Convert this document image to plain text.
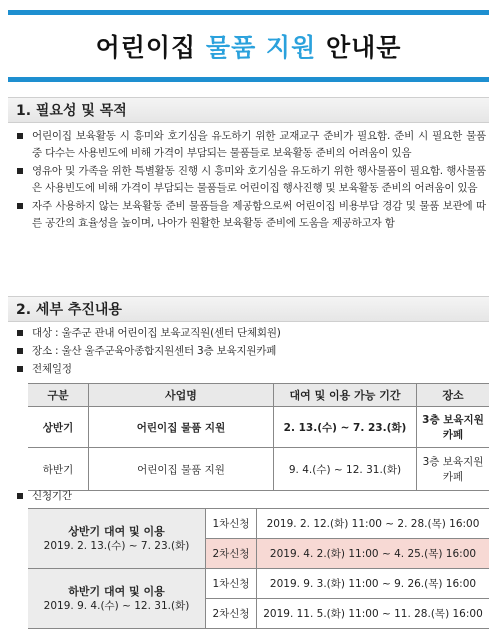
어린이집 물품 지원 안내문
1. 필요성 및 목적
어린이집 보육활동 시 흥미와 호기심을 유도하기 위한 교재교구 준비가 필요함. 준비 시 필요한 물품 중 다수는 사용빈도에 비해 가격이 부담되는 물품들로 보육활동 준비의 어려움이 있음
영유아 및 가족을 위한 특별활동 진행 시 흥미와 호기심을 유도하기 위한 행사물품이 필요함. 행사물품은 사용빈도에 비해 가격이 부담되는 물품들로 어린이집 행사진행 및 보육활동 준비의 어려움이 있음
자주 사용하지 않는 보육활동 준비 물품들을 제공함으로써 어린이집 비용부담 경감 및 물품 보관에 따른 공간의 효율성을 높이며, 나아가 원활한 보육활동 준비에 도움을 제공하고자 함
2. 세부 추진내용
대상 : 울주군 관내 어린이집 보육교직원(센터 단체회원)
장소 : 울산 울주군육아종합지원센터 3층 보육지원카페
전체일정
구분	사업명	대여 및 이용 가능 기간	장소
상반기	어린이집 물품 지원	2. 13.(수) ~ 7. 23.(화)	3층 보육지원카페
하반기	어린이집 물품 지원	9. 4.(수) ~ 12. 31.(화)	3층 보육지원카페
신청기간
상반기 대여 및 이용
2019. 2. 13.(수) ~ 7. 23.(화)	1차신청	2019. 2. 12.(화) 11:00 ~ 2. 28.(목) 16:00
	2차신청	2019. 4. 2.(화) 11:00 ~ 4. 25.(목) 16:00

하반기 대여 및 이용
2019. 9. 4.(수) ~ 12. 31.(화)	1차신청	2019. 9. 3.(화) 11:00 ~ 9. 26.(목) 16:00
	2차신청	2019. 11. 5.(화) 11:00 ~ 11. 28.(목) 16:00
